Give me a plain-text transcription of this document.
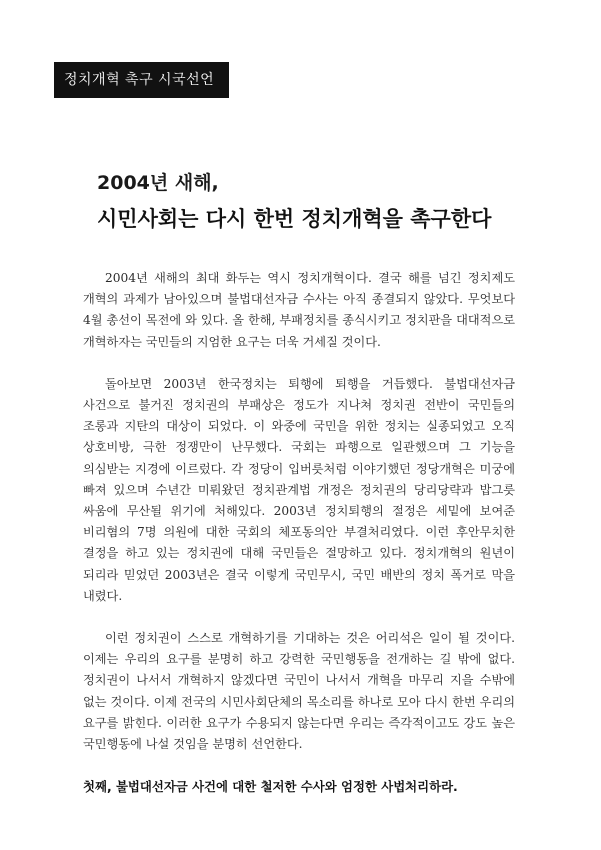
정치개혁 촉구 시국선언
2004년 새해,
시민사회는 다시 한번 정치개혁을 촉구한다

2004년 새해의 최대 화두는 역시 정치개혁이다. 결국 해를 넘긴 정치제도 개혁의 과제가 남아있으며 불법대선자금 수사는 아직 종결되지 않았다. 무엇보다 4월 총선이 목전에 와 있다. 올 한해, 부패정치를 종식시키고 정치판을 대대적으로 개혁하자는 국민들의 지엄한 요구는 더욱 거세질 것이다.

돌아보면 2003년 한국정치는 퇴행에 퇴행을 거듭했다. 불법대선자금 사건으로 불거진 정치권의 부패상은 정도가 지나쳐 정치권 전반이 국민들의 조롱과 지탄의 대상이 되었다. 이 와중에 국민을 위한 정치는 실종되었고 오직 상호비방, 극한 정쟁만이 난무했다. 국회는 파행으로 일관했으며 그 기능을 의심받는 지경에 이르렀다. 각 정당이 입버릇처럼 이야기했던 정당개혁은 미궁에 빠져 있으며 수년간 미뤄왔던 정치관계법 개정은 정치권의 당리당략과 밥그릇 싸움에 무산될 위기에 처해있다. 2003년 정치퇴행의 절정은 세밑에 보여준 비리혐의 7명 의원에 대한 국회의 체포동의안 부결처리였다. 이런 후안무치한 결정을 하고 있는 정치권에 대해 국민들은 절망하고 있다. 정치개혁의 원년이 되리라 믿었던 2003년은 결국 이렇게 국민무시, 국민 배반의 정치 폭거로 막을 내렸다.

이런 정치권이 스스로 개혁하기를 기대하는 것은 어리석은 일이 될 것이다. 이제는 우리의 요구를 분명히 하고 강력한 국민행동을 전개하는 길 밖에 없다. 정치권이 나서서 개혁하지 않겠다면 국민이 나서서 개혁을 마무리 지을 수밖에 없는 것이다. 이제 전국의 시민사회단체의 목소리를 하나로 모아 다시 한번 우리의 요구를 밝힌다. 이러한 요구가 수용되지 않는다면 우리는 즉각적이고도 강도 높은 국민행동에 나설 것임을 분명히 선언한다.

첫째, 불법대선자금 사건에 대한 철저한 수사와 엄정한 사법처리하라.
